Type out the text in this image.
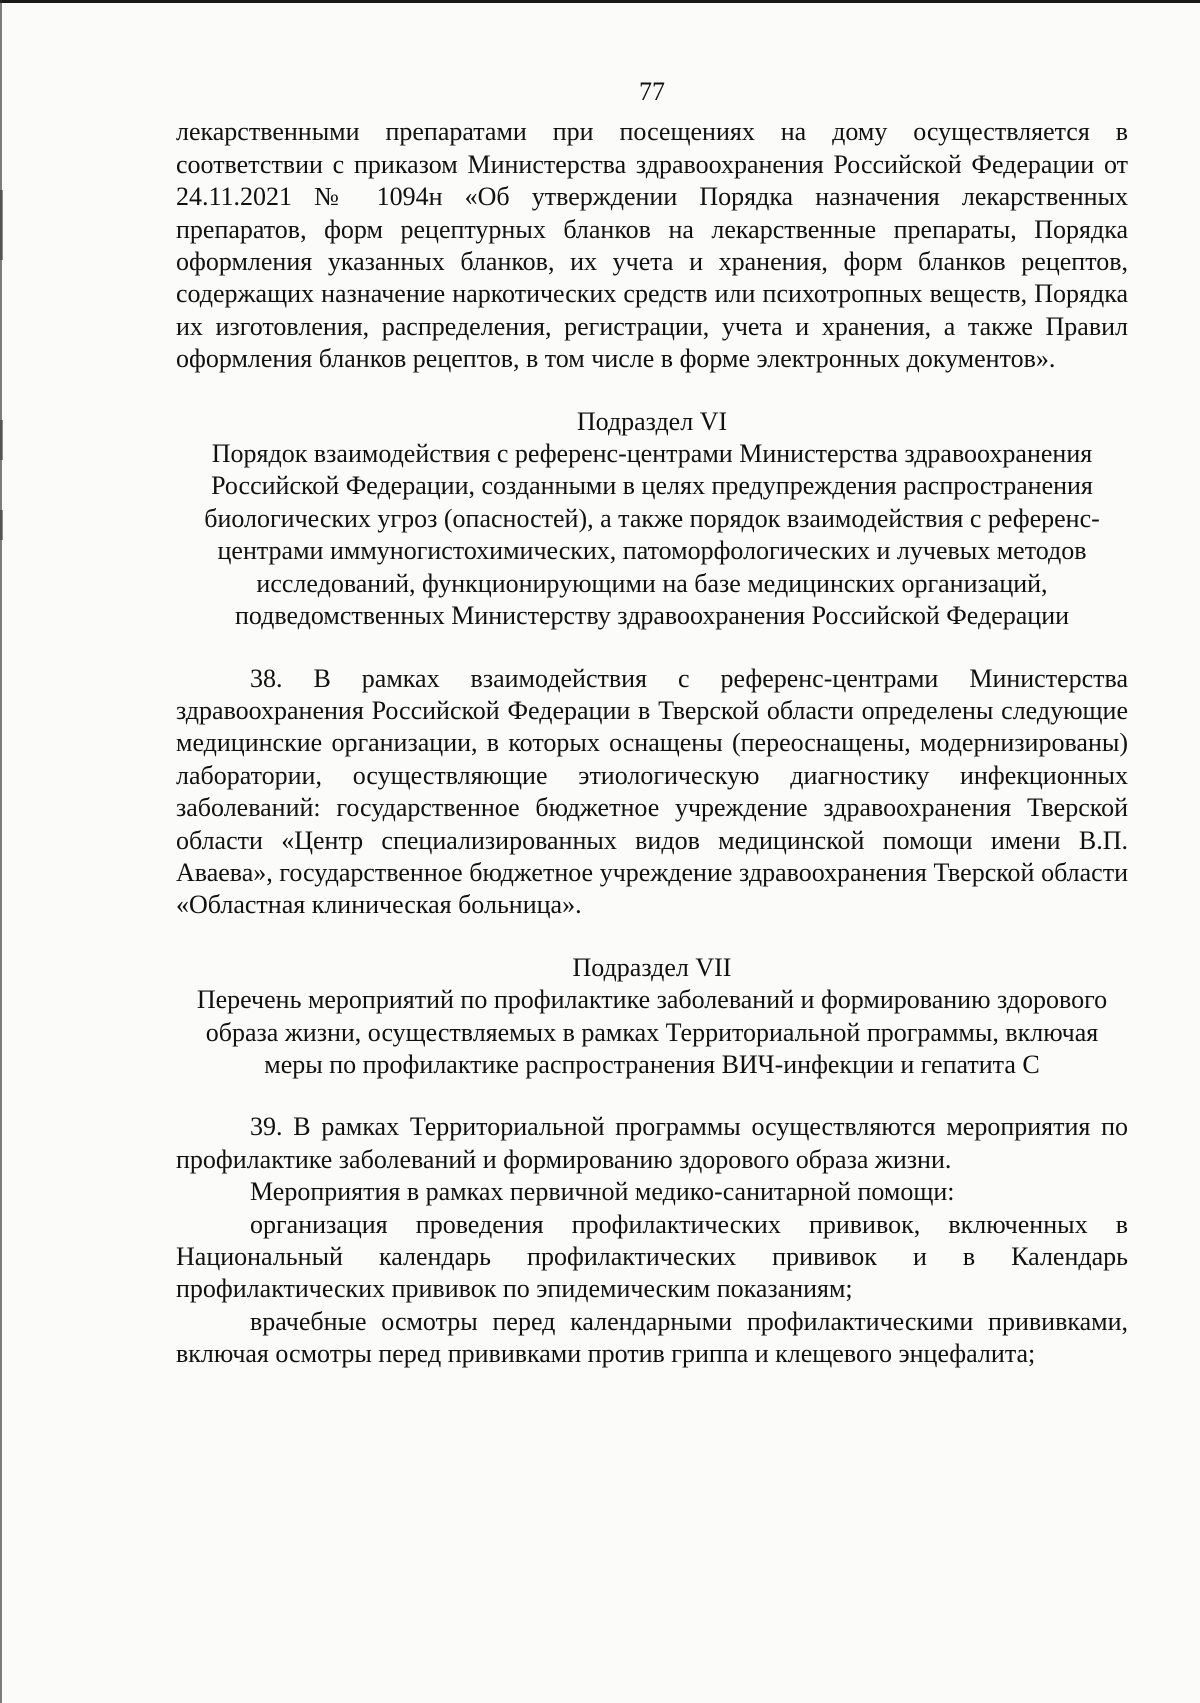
77

лекарственными препаратами при посещениях на дому осуществляется в соответствии с приказом Министерства здравоохранения Российской Федерации от 24.11.2021 № 1094н «Об утверждении Порядка назначения лекарственных препаратов, форм рецептурных бланков на лекарственные препараты, Порядка оформления указанных бланков, их учета и хранения, форм бланков рецептов, содержащих назначение наркотических средств или психотропных веществ, Порядка их изготовления, распределения, регистрации, учета и хранения, а также Правил оформления бланков рецептов, в том числе в форме электронных документов».

Подраздел VI
Порядок взаимодействия с референс-центрами Министерства здравоохранения Российской Федерации, созданными в целях предупреждения распространения биологических угроз (опасностей), а также порядок взаимодействия с референс-центрами иммуногистохимических, патоморфологических и лучевых методов исследований, функционирующими на базе медицинских организаций, подведомственных Министерству здравоохранения Российской Федерации

38. В рамках взаимодействия с референс-центрами Министерства здравоохранения Российской Федерации в Тверской области определены следующие медицинские организации, в которых оснащены (переоснащены, модернизированы) лаборатории, осуществляющие этиологическую диагностику инфекционных заболеваний: государственное бюджетное учреждение здравоохранения Тверской области «Центр специализированных видов медицинской помощи имени В.П. Аваева», государственное бюджетное учреждение здравоохранения Тверской области «Областная клиническая больница».

Подраздел VII
Перечень мероприятий по профилактике заболеваний и формированию здорового образа жизни, осуществляемых в рамках Территориальной программы, включая меры по профилактике распространения ВИЧ-инфекции и гепатита С

39. В рамках Территориальной программы осуществляются мероприятия по профилактике заболеваний и формированию здорового образа жизни.

Мероприятия в рамках первичной медико-санитарной помощи:

организация проведения профилактических прививок, включенных в Национальный календарь профилактических прививок и в Календарь профилактических прививок по эпидемическим показаниям;

врачебные осмотры перед календарными профилактическими прививками, включая осмотры перед прививками против гриппа и клещевого энцефалита;
